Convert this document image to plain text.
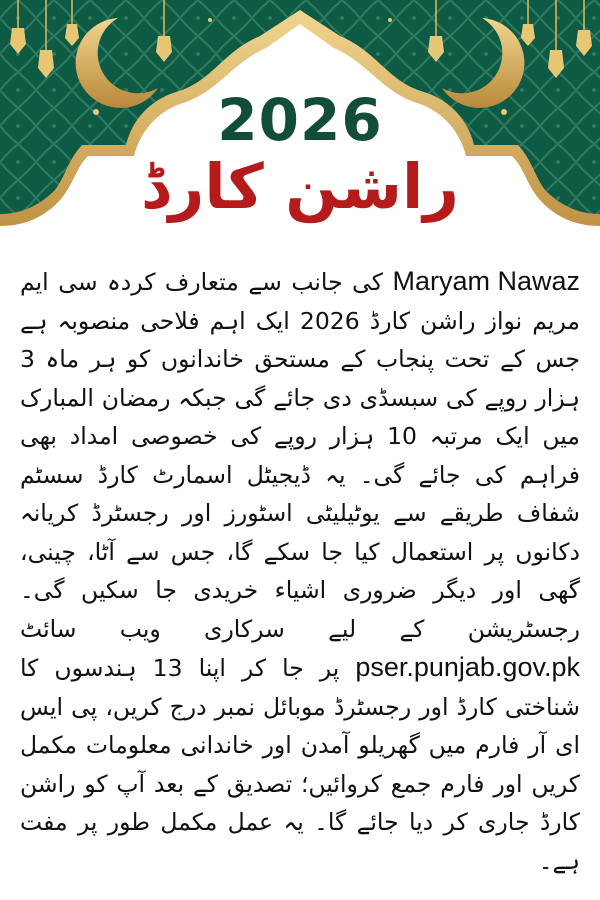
2026
راشن کارڈ

Maryam Nawaz کی جانب سے متعارف کردہ سی ایم مریم نواز راشن کارڈ 2026 ایک اہم فلاحی منصوبہ ہے جس کے تحت پنجاب کے مستحق خاندانوں کو ہر ماہ 3 ہزار روپے کی سبسڈی دی جائے گی جبکہ رمضان المبارک میں ایک مرتبہ 10 ہزار روپے کی خصوصی امداد بھی فراہم کی جائے گی۔ یہ ڈیجیٹل اسمارٹ کارڈ سسٹم شفاف طریقے سے یوٹیلیٹی اسٹورز اور رجسٹرڈ کریانہ دکانوں پر استعمال کیا جا سکے گا، جس سے آٹا، چینی، گھی اور دیگر ضروری اشیاء خریدی جا سکیں گی۔ رجسٹریشن کے لیے سرکاری ویب سائٹ pser.punjab.gov.pk پر جا کر اپنا 13 ہندسوں کا شناختی کارڈ اور رجسٹرڈ موبائل نمبر درج کریں، پی ایس ای آر فارم میں گھریلو آمدن اور خاندانی معلومات مکمل کریں اور فارم جمع کروائیں؛ تصدیق کے بعد آپ کو راشن کارڈ جاری کر دیا جائے گا۔ یہ عمل مکمل طور پر مفت ہے۔
